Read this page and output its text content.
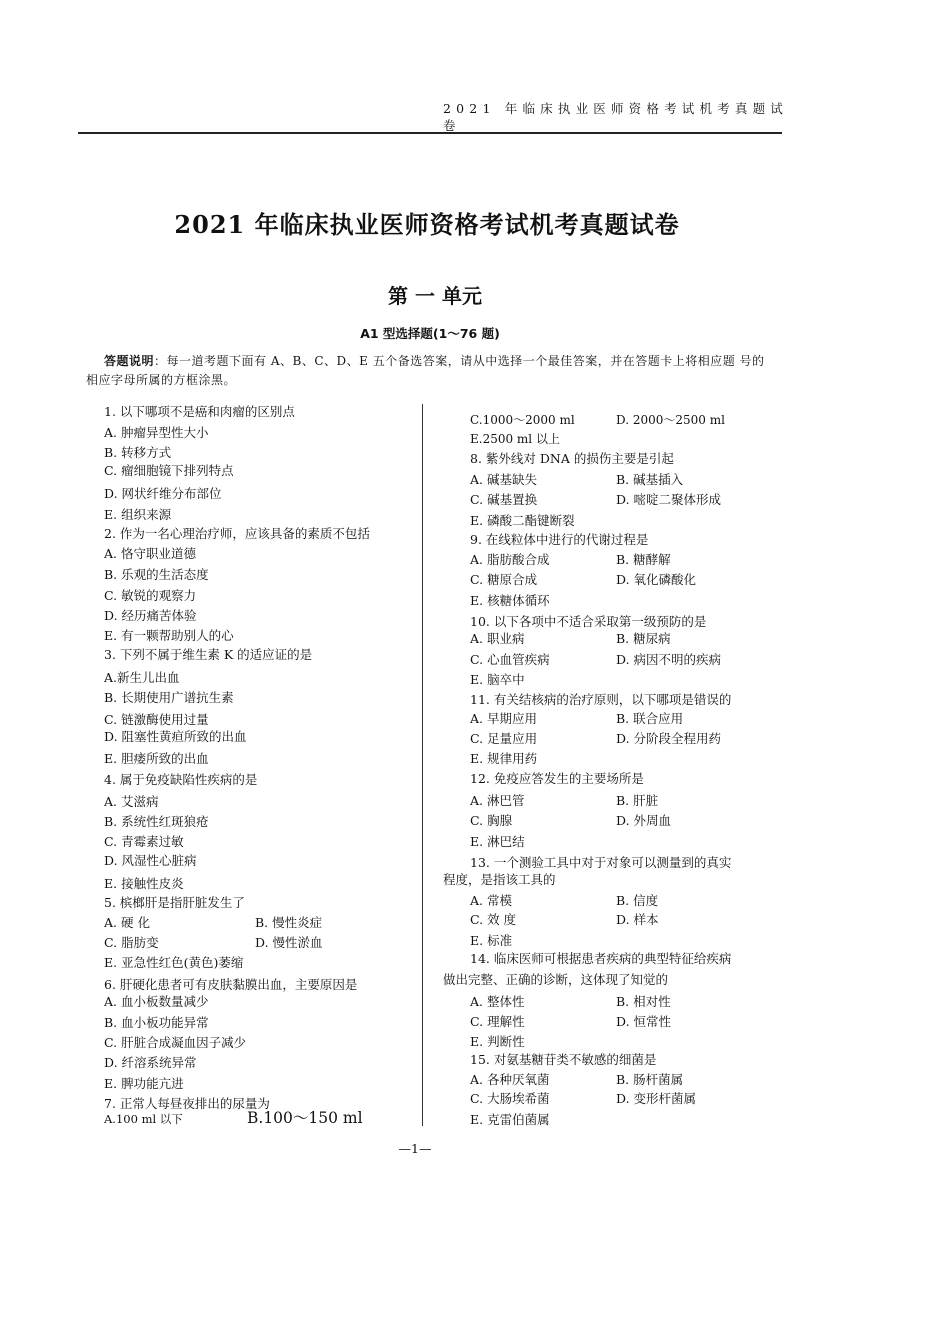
2021 年临床执业医师资格考试机考真题试卷
2021 年临床执业医师资格考试机考真题试卷
第 一 单元
A1 型选择题(1～76 题)
答题说明：每一道考题下面有 A、B、C、D、E 五个备选答案，请从中选择一个最佳答案，并在答题卡上将相应题 号的相应字母所属的方框涂黑。
1. 以下哪项不是癌和肉瘤的区别点
A. 肿瘤异型性大小
B. 转移方式
C. 瘤细胞镜下排列特点
D. 网状纤维分布部位
E. 组织来源
2. 作为一名心理治疗师，应该具备的素质不包括
A. 恪守职业道德
B. 乐观的生活态度
C. 敏锐的观察力
D. 经历痛苦体验
E. 有一颗帮助别人的心
3. 下列不属于维生素 K 的适应证的是
A.新生儿出血
B. 长期使用广谱抗生素
C. 链激酶使用过量
D. 阻塞性黄疸所致的出血
E. 胆瘘所致的出血
4. 属于免疫缺陷性疾病的是
A. 艾滋病
B. 系统性红斑狼疮
C. 青霉素过敏
D. 风湿性心脏病
E. 接触性皮炎
5. 槟榔肝是指肝脏发生了
A. 硬 化	B. 慢性炎症
C. 脂肪变	D. 慢性淤血
E. 亚急性红色(黄色)萎缩
6. 肝硬化患者可有皮肤黏膜出血，主要原因是
A. 血小板数量减少
B. 血小板功能异常
C. 肝脏合成凝血因子减少
D. 纤溶系统异常
E. 脾功能亢进
7. 正常人每昼夜排出的尿量为
A.100 ml 以下	B.100～150 ml
C.1000～2000 ml	D. 2000～2500 ml
E.2500 ml 以上
8. 紫外线对 DNA 的损伤主要是引起
A. 碱基缺失	B. 碱基插入
C. 碱基置换	D. 嘧啶二聚体形成
E. 磷酸二酯键断裂
9. 在线粒体中进行的代谢过程是
A. 脂肪酸合成	B. 糖酵解
C. 糖原合成	D. 氧化磷酸化
E. 核糖体循环
10. 以下各项中不适合采取第一级预防的是
A. 职业病	B. 糖尿病
C. 心血管疾病	D. 病因不明的疾病
E. 脑卒中
11. 有关结核病的治疗原则，以下哪项是错误的
A. 早期应用	B. 联合应用
C. 足量应用	D. 分阶段全程用药
E. 规律用药
12. 免疫应答发生的主要场所是
A. 淋巴管	B. 肝脏
C. 胸腺	D. 外周血
E. 淋巴结
13. 一个测验工具中对于对象可以测量到的真实
程度，是指该工具的
A. 常模	B. 信度
C. 效 度	D. 样本
E. 标准
14. 临床医师可根据患者疾病的典型特征给疾病
做出完整、正确的诊断，这体现了知觉的
A. 整体性	B. 相对性
C. 理解性	D. 恒常性
E. 判断性
15. 对氨基糖苷类不敏感的细菌是
A. 各种厌氧菌	B. 肠杆菌属
C. 大肠埃希菌	D. 变形杆菌属
E. 克雷伯菌属
—1—
